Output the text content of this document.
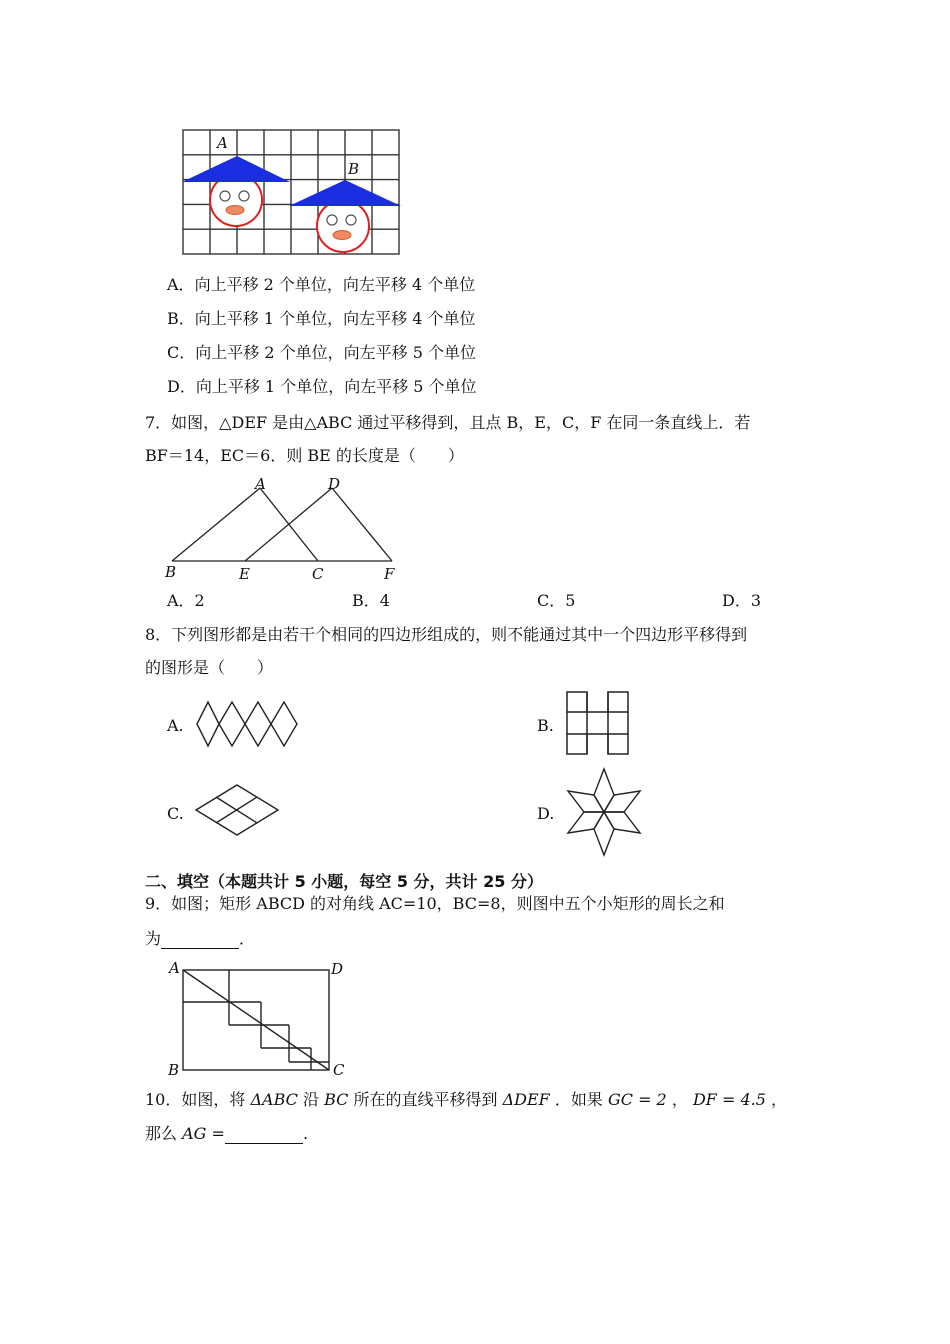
A
B
A．向上平移 2 个单位，向左平移 4 个单位
B．向上平移 1 个单位，向左平移 4 个单位
C．向上平移 2 个单位，向左平移 5 个单位
D．向上平移 1 个单位，向左平移 5 个单位
7．如图，△DEF 是由△ABC 通过平移得到，且点 B，E，C，F 在同一条直线上．若
BF＝14，EC＝6．则 BE 的长度是（　　）
A	D
B	E	C	F
A．2	B．4	C．5	D．3
8．下列图形都是由若干个相同的四边形组成的，则不能通过其中一个四边形平移得到
的图形是（　　）
A.	B.
C.	D.
二、填空（本题共计 5 小题，每空 5 分，共计 25 分）
9．如图；矩形 ABCD 的对角线 AC=10，BC=8，则图中五个小矩形的周长之和
为	．
A	D
B	C
10．如图，将 ΔABC 沿 BC 所在的直线平移得到 ΔDEF ．如果 GC = 2 ， DF = 4.5 ，
那么 AG =	.
